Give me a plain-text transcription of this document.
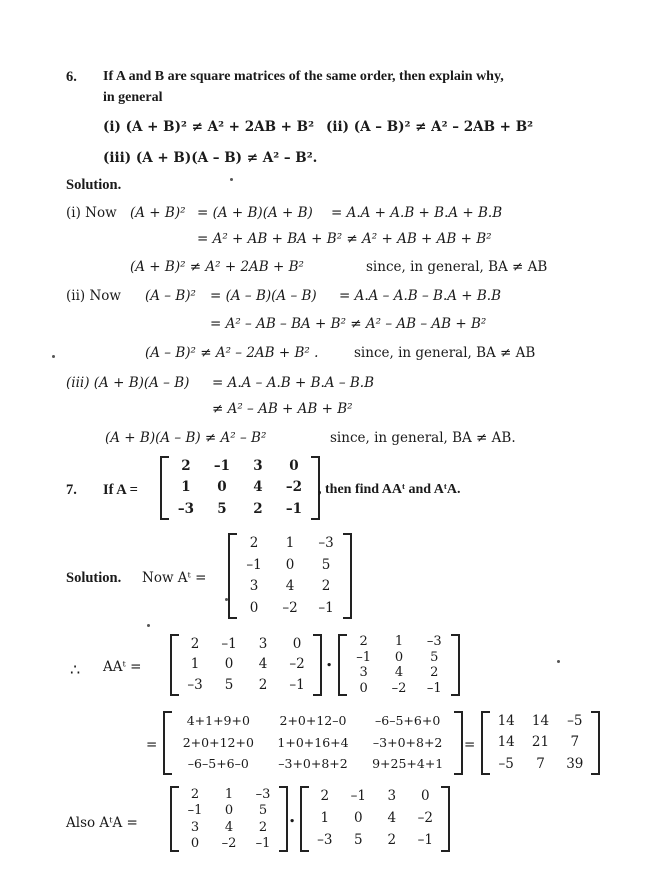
6. If A and B are square matrices of the same order, then explain why,
in general
(i) (A + B)² ≠ A² + 2AB + B² (ii) (A – B)² ≠ A² – 2AB + B²
(iii) (A + B)(A – B) ≠ A² – B².
Solution.
(i) Now (A + B)² = (A + B)(A + B) = A.A + A.B + B.A + B.B
= A² + AB + BA + B² ≠ A² + AB + AB + B²
(A + B)² ≠ A² + 2AB + B²	since, in general, BA ≠ AB
(ii) Now (A – B)² = (A – B)(A – B) = A.A – A.B – B.A + B.B
= A² – AB – BA + B² ≠ A² – AB – AB + B²
(A – B)² ≠ A² – 2AB + B² .	since, in general, BA ≠ AB
(iii) (A + B)(A – B) = A.A – A.B + B.A – B.B
≠ A² – AB + AB + B²
(A + B)(A – B) ≠ A² – B²	since, in general, BA ≠ AB.
7. If A =
2 –1 3 0
1 0 4 –2
–3 5 2 –1
, then find AAᵗ and AᵗA.
Solution. Now Aᵗ =
2 1 –3
–1 0 5
3 4 2
0 –2 –1
∴ AAᵗ =
2 –1 3 0
1 0 4 –2
–3 5 2 –1
.
2 1 –3
–1 0 5
3 4 2
0 –2 –1
=
4+1+9+0 2+0+12–0 –6–5+6+0
2+0+12+0 1+0+16+4 –3+0+8+2
–6–5+6–0 –3+0+8+2 9+25+4+1
=
14 14 –5
14 21 7
–5 7 39
Also AᵗA =
2 1 –3
–1 0 5
3 4 2
0 –2 –1
.
2 –1 3 0
1 0 4 –2
–3 5 2 –1
